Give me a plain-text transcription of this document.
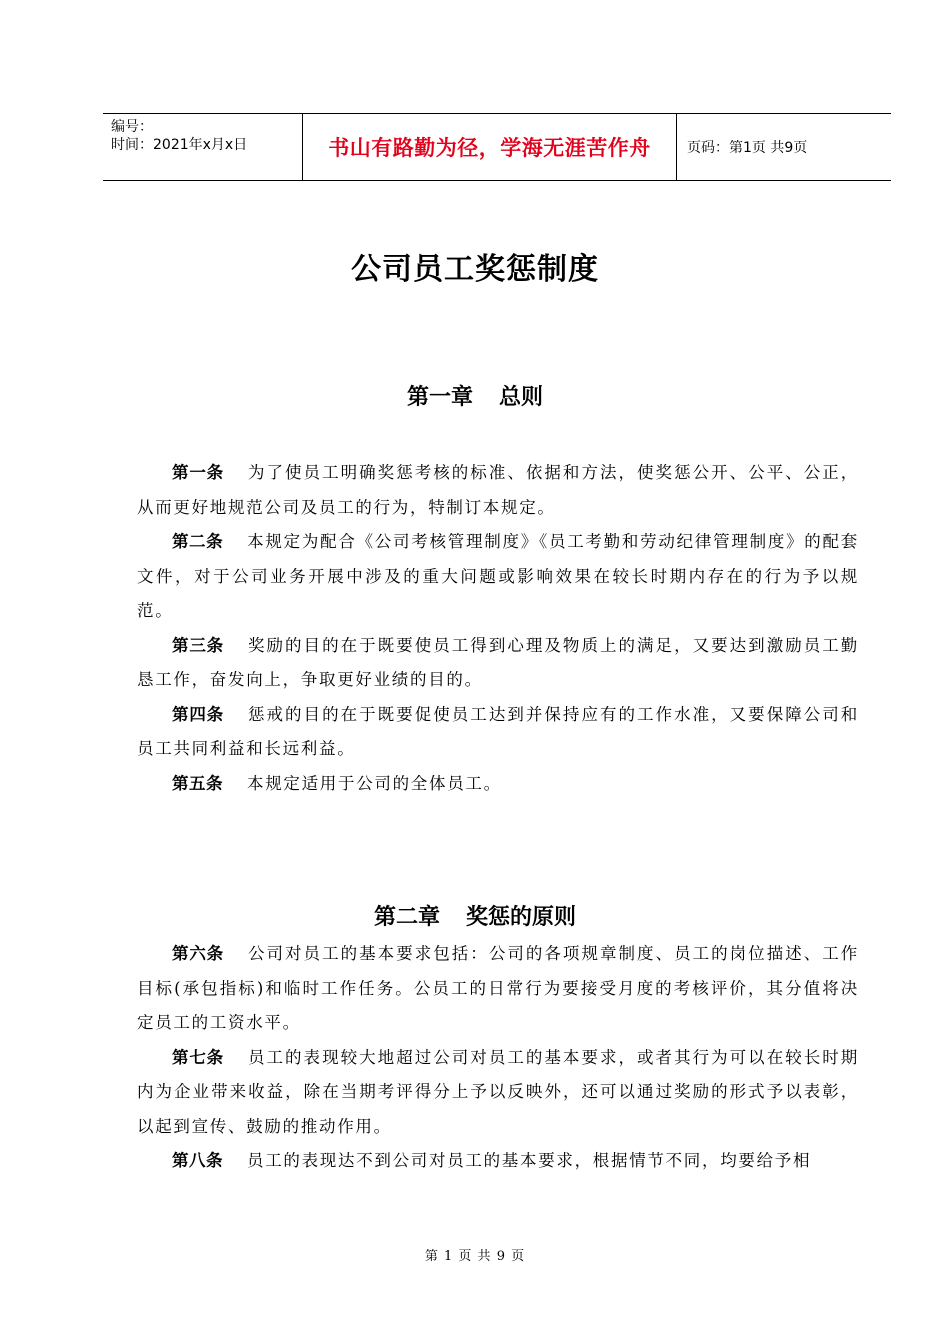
编号：
时间：2021年x月x日	书山有路勤为径，学海无涯苦作舟	页码：第1页 共9页
公司员工奖惩制度
第一章 总则

第一条 为了使员工明确奖惩考核的标准、依据和方法，使奖惩公开、公平、公正，从而更好地规范公司及员工的行为，特制订本规定。

第二条 本规定为配合《公司考核管理制度》《员工考勤和劳动纪律管理制度》的配套文件，对于公司业务开展中涉及的重大问题或影响效果在较长时期内存在的行为予以规范。

第三条 奖励的目的在于既要使员工得到心理及物质上的满足，又要达到激励员工勤恳工作，奋发向上，争取更好业绩的目的。

第四条 惩戒的目的在于既要促使员工达到并保持应有的工作水准，又要保障公司和员工共同利益和长远利益。

第五条 本规定适用于公司的全体员工。

第二章 奖惩的原则

第六条 公司对员工的基本要求包括：公司的各项规章制度、员工的岗位描述、工作目标(承包指标)和临时工作任务。公员工的日常行为要接受月度的考核评价，其分值将决定员工的工资水平。

第七条 员工的表现较大地超过公司对员工的基本要求，或者其行为可以在较长时期内为企业带来收益，除在当期考评得分上予以反映外，还可以通过奖励的形式予以表彰，以起到宣传、鼓励的推动作用。

第八条 员工的表现达不到公司对员工的基本要求，根据情节不同，均要给予相

第 1 页 共 9 页
